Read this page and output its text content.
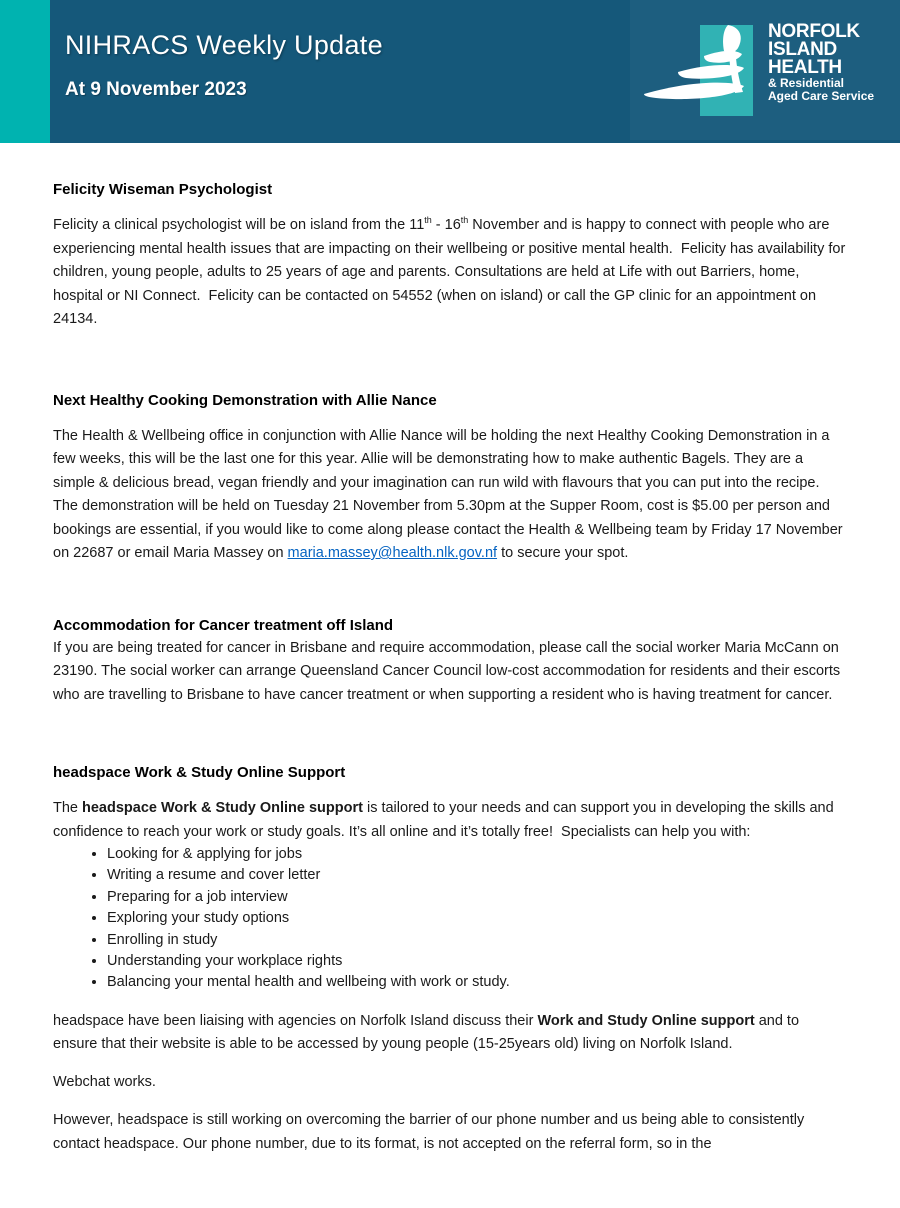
NIHRACS Weekly Update
At 9 November 2023
NORFOLK
ISLAND
HEALTH
& Residential
Aged Care Service
Felicity Wiseman Psychologist

Felicity a clinical psychologist will be on island from the 11th - 16th November and is happy to connect with people who are experiencing mental health issues that are impacting on their wellbeing or positive mental health.  Felicity has availability for children, young people, adults to 25 years of age and parents. Consultations are held at Life with out Barriers, home, hospital or NI Connect.  Felicity can be contacted on 54552 (when on island) or call the GP clinic for an appointment on 24134.

Next Healthy Cooking Demonstration with Allie Nance

The Health & Wellbeing office in conjunction with Allie Nance will be holding the next Healthy Cooking Demonstration in a few weeks, this will be the last one for this year. Allie will be demonstrating how to make authentic Bagels. They are a simple & delicious bread, vegan friendly and your imagination can run wild with flavours that you can put into the recipe. The demonstration will be held on Tuesday 21 November from 5.30pm at the Supper Room, cost is $5.00 per person and bookings are essential, if you would like to come along please contact the Health & Wellbeing team by Friday 17 November on 22687 or email Maria Massey on maria.massey@health.nlk.gov.nf to secure your spot.

Accommodation for Cancer treatment off Island

If you are being treated for cancer in Brisbane and require accommodation, please call the social worker Maria McCann on 23190. The social worker can arrange Queensland Cancer Council low-cost accommodation for residents and their escorts who are travelling to Brisbane to have cancer treatment or when supporting a resident who is having treatment for cancer.

headspace Work & Study Online Support

The headspace Work & Study Online support is tailored to your needs and can support you in developing the skills and confidence to reach your work or study goals. It’s all online and it’s totally free!  Specialists can help you with:

• Looking for & applying for jobs
• Writing a resume and cover letter
• Preparing for a job interview
• Exploring your study options
• Enrolling in study
• Understanding your workplace rights
• Balancing your mental health and wellbeing with work or study.

headspace have been liaising with agencies on Norfolk Island discuss their Work and Study Online support and to ensure that their website is able to be accessed by young people (15-25years old) living on Norfolk Island.

Webchat works.

However, headspace is still working on overcoming the barrier of our phone number and us being able to consistently contact headspace. Our phone number, due to its format, is not accepted on the referral form, so in the
